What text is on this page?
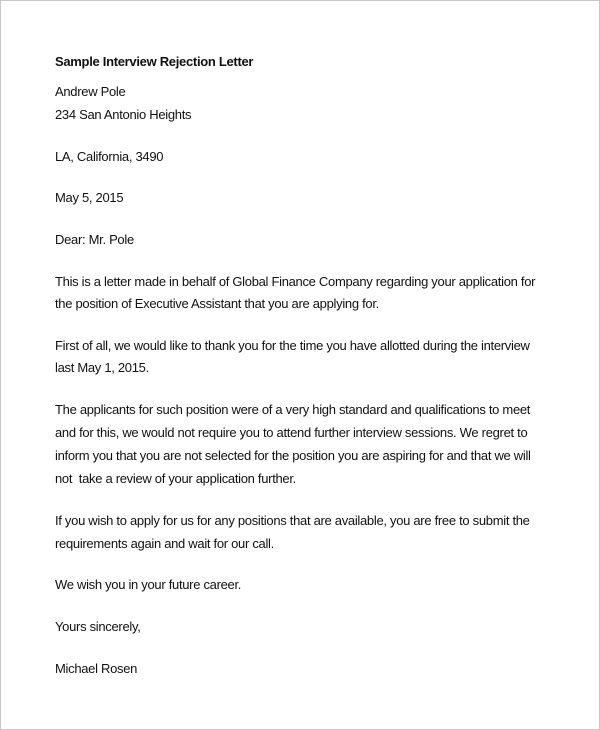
Sample Interview Rejection Letter
Andrew Pole
234 San Antonio Heights
LA, California, 3490
May 5, 2015
Dear: Mr. Pole
This is a letter made in behalf of Global Finance Company regarding your application for
the position of Executive Assistant that you are applying for.
First of all, we would like to thank you for the time you have allotted during the interview
last May 1, 2015.
The applicants for such position were of a very high standard and qualifications to meet
and for this, we would not require you to attend further interview sessions. We regret to
inform you that you are not selected for the position you are aspiring for and that we will
not  take a review of your application further.
If you wish to apply for us for any positions that are available, you are free to submit the
requirements again and wait for our call.
We wish you in your future career.
Yours sincerely,
Michael Rosen
